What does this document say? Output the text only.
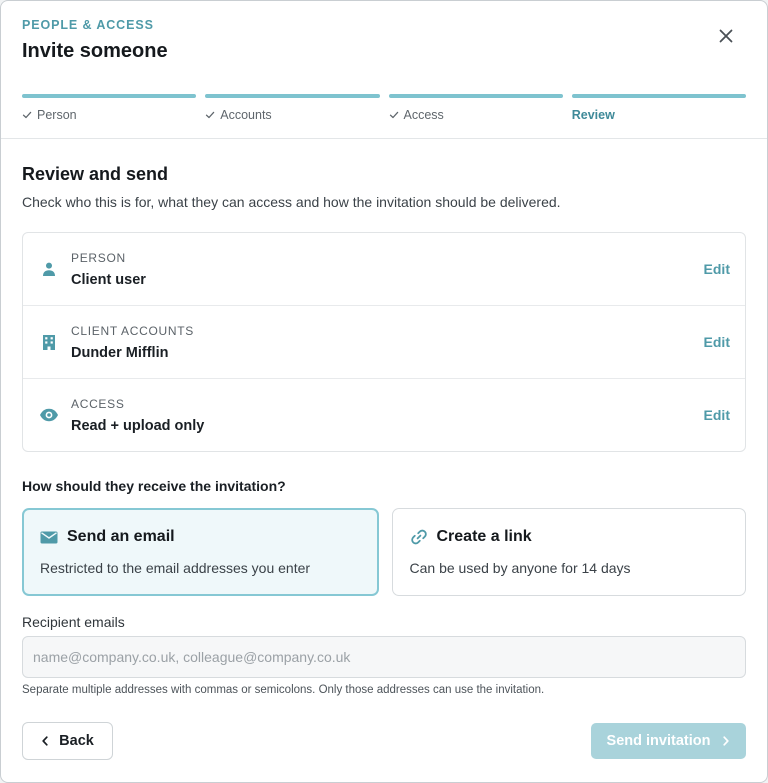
PEOPLE & ACCESS
Invite someone
Person	Accounts	Access	Review
Review and send
Check who this is for, what they can access and how the invitation should be delivered.
PERSON
Client user
Edit
CLIENT ACCOUNTS
Dunder Mifflin
Edit
ACCESS
Read + upload only
Edit
How should they receive the invitation?
Send an email
Restricted to the email addresses you enter
Create a link
Can be used by anyone for 14 days
Recipient emails
name@company.co.uk, colleague@company.co.uk
Separate multiple addresses with commas or semicolons. Only those addresses can use the invitation.
Back	Send invitation
